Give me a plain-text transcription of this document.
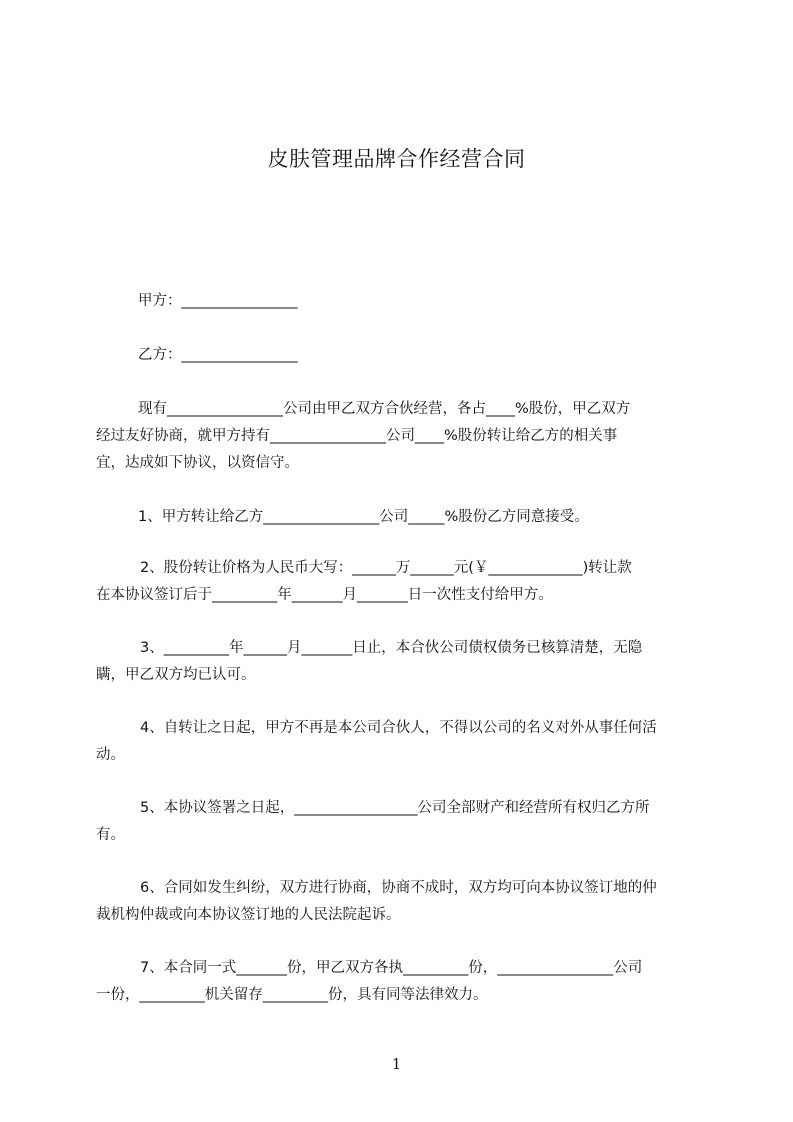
皮肤管理品牌合作经营合同
甲方：________________
乙方：________________
现有________________公司由甲乙双方合伙经营，各占____%股份，甲乙双方
经过友好协商，就甲方持有________________公司____%股份转让给乙方的相关事
宜，达成如下协议，以资信守。
1、甲方转让给乙方________________公司_____%股份乙方同意接受。
2、股份转让价格为人民币大写：______万______元(￥_____________)转让款
在本协议签订后于_________年_______月_______日一次性支付给甲方。
3、_________年______月_______日止，本合伙公司债权债务已核算清楚，无隐
瞒，甲乙双方均已认可。
4、自转让之日起，甲方不再是本公司合伙人，不得以公司的名义对外从事任何活
动。
5、本协议签署之日起，_________________公司全部财产和经营所有权归乙方所
有。
6、合同如发生纠纷，双方进行协商，协商不成时，双方均可向本协议签订地的仲
裁机构仲裁或向本协议签订地的人民法院起诉。
7、本合同一式_______份，甲乙双方各执_________份，________________公司
一份，_________机关留存_________份，具有同等法律效力。
1
